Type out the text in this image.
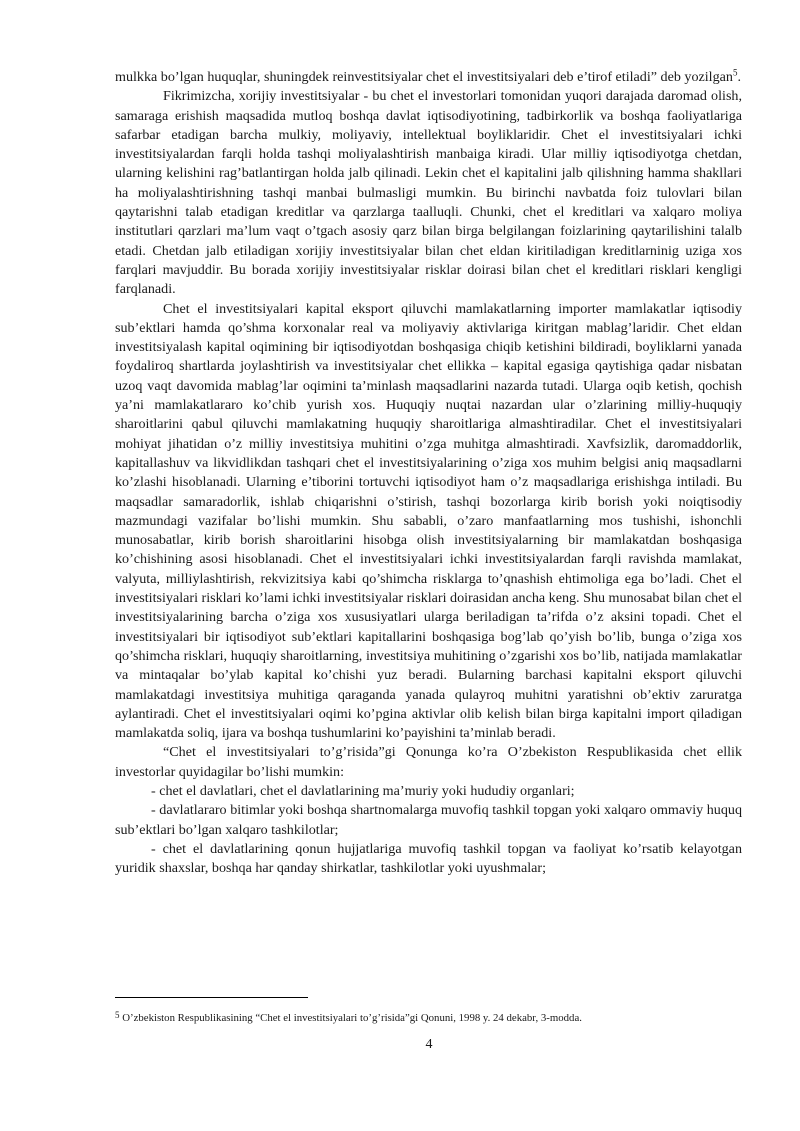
mulkka bo’lgan huquqlar, shuningdek reinvestitsiyalar chet el investitsiyalari deb e’tirof etiladi” deb yozilgan$^5$.

Fikrimizcha, xorijiy investitsiyalar - bu chet el investorlari tomonidan yuqori darajada daromad olish, samaraga erishish maqsadida mutloq boshqa davlat iqtisodiyotining, tadbirkorlik va boshqa faoliyatlariga safarbar etadigan barcha mulkiy, moliyaviy, intellektual boyliklaridir. Chet el investitsiyalari ichki investitsiyalardan farqli holda tashqi moliyalashtirish manbaiga kiradi. Ular milliy iqtisodiyotga chetdan, ularning kelishini rag’batlantirgan holda jalb qilinadi. Lekin chet el kapitalini jalb qilishning hamma shakllari ha moliyalashtirishning tashqi manbai bulmasligi mumkin. Bu birinchi navbatda foiz tulovlari bilan qaytarishni talab etadigan kreditlar va qarzlarga taalluqli. Chunki, chet el kreditlari va xalqaro moliya institutlari qarzlari ma’lum vaqt o’tgach asosiy qarz bilan birga belgilangan foizlarining qaytarilishini talalb etadi. Chetdan jalb etiladigan xorijiy investitsiyalar bilan chet eldan kiritiladigan kreditlarninig uziga xos farqlari mavjuddir. Bu borada xorijiy investitsiyalar risklar doirasi bilan chet el kreditlari risklari kengligi farqlanadi.

Chet el investitsiyalari kapital eksport qiluvchi mamlakatlarning importer mamlakatlar iqtisodiy sub’ektlari hamda qo’shma korxonalar real va moliyaviy aktivlariga kiritgan mablag’laridir. Chet eldan investitsiyalash kapital oqimining bir iqtisodiyotdan boshqasiga chiqib ketishini bildiradi, boyliklarni yanada foydaliroq shartlarda joylashtirish va investitsiyalar chet ellikka – kapital egasiga qaytishiga qadar nisbatan uzoq vaqt davomida mablag’lar oqimini ta’minlash maqsadlarini nazarda tutadi. Ularga oqib ketish, qochish ya’ni mamlakatlararo ko’chib yurish xos. Huquqiy nuqtai nazardan ular o’zlarining milliy-huquqiy sharoitlarini qabul qiluvchi mamlakatning huquqiy sharoitlariga almashtiradilar. Chet el investitsiyalari mohiyat jihatidan o’z milliy investitsiya muhitini o’zga muhitga almashtiradi. Xavfsizlik, daromaddorlik, kapitallashuv va likvidlikdan tashqari chet el investitsiyalarining o’ziga xos muhim belgisi aniq maqsadlarni ko’zlashi hisoblanadi. Ularning e’tiborini tortuvchi iqtisodiyot ham o’z maqsadlariga erishishga intiladi. Bu maqsadlar samaradorlik, ishlab chiqarishni o’stirish, tashqi bozorlarga kirib borish yoki noiqtisodiy mazmundagi vazifalar bo’lishi mumkin. Shu sababli, o’zaro manfaatlarning mos tushishi, ishonchli munosabatlar, kirib borish sharoitlarini hisobga olish investitsiyalarning bir mamlakatdan boshqasiga ko’chishining asosi hisoblanadi. Chet el investitsiyalari ichki investitsiyalardan farqli ravishda mamlakat, valyuta, milliylashtirish, rekvizitsiya kabi qo’shimcha risklarga to’qnashish ehtimoliga ega bo’ladi. Chet el investitsiyalari risklari ko’lami ichki investitsiyalar risklari doirasidan ancha keng. Shu munosabat bilan chet el investitsiyalarining barcha o’ziga xos xususiyatlari ularga beriladigan ta’rifda o’z aksini topadi. Chet el investitsiyalari bir iqtisodiyot sub’ektlari kapitallarini boshqasiga bog’lab qo’yish bo’lib, bunga o’ziga xos qo’shimcha risklari, huquqiy sharoitlarning, investitsiya muhitining o’zgarishi xos bo’lib, natijada mamlakatlar va mintaqalar bo’ylab kapital ko’chishi yuz beradi. Bularning barchasi kapitalni eksport qiluvchi mamlakatdagi investitsiya muhitiga qaraganda yanada qulayroq muhitni yaratishni ob’ektiv zaruratga aylantiradi. Chet el investitsiyalari oqimi ko’pgina aktivlar olib kelish bilan birga kapitalni import qiladigan mamlakatda soliq, ijara va boshqa tushumlarini ko’payishini ta’minlab beradi.

“Chet el investitsiyalari to’g’risida”gi Qonunga ko’ra O’zbekiston Respublikasida chet ellik investorlar quyidagilar bo’lishi mumkin:

- chet el davlatlari, chet el davlatlarining ma’muriy yoki hududiy organlari;

- davlatlararo bitimlar yoki boshqa shartnomalarga muvofiq tashkil topgan yoki xalqaro ommaviy huquq sub’ektlari bo’lgan xalqaro tashkilotlar;

- chet el davlatlarining qonun hujjatlariga muvofiq tashkil topgan va faoliyat ko’rsatib kelayotgan yuridik shaxslar, boshqa har qanday shirkatlar, tashkilotlar yoki uyushmalar;

$^5$ O’zbekiston Respublikasining “Chet el investitsiyalari to’g’risida”gi Qonuni, 1998 y. 24 dekabr, 3-modda.
4
